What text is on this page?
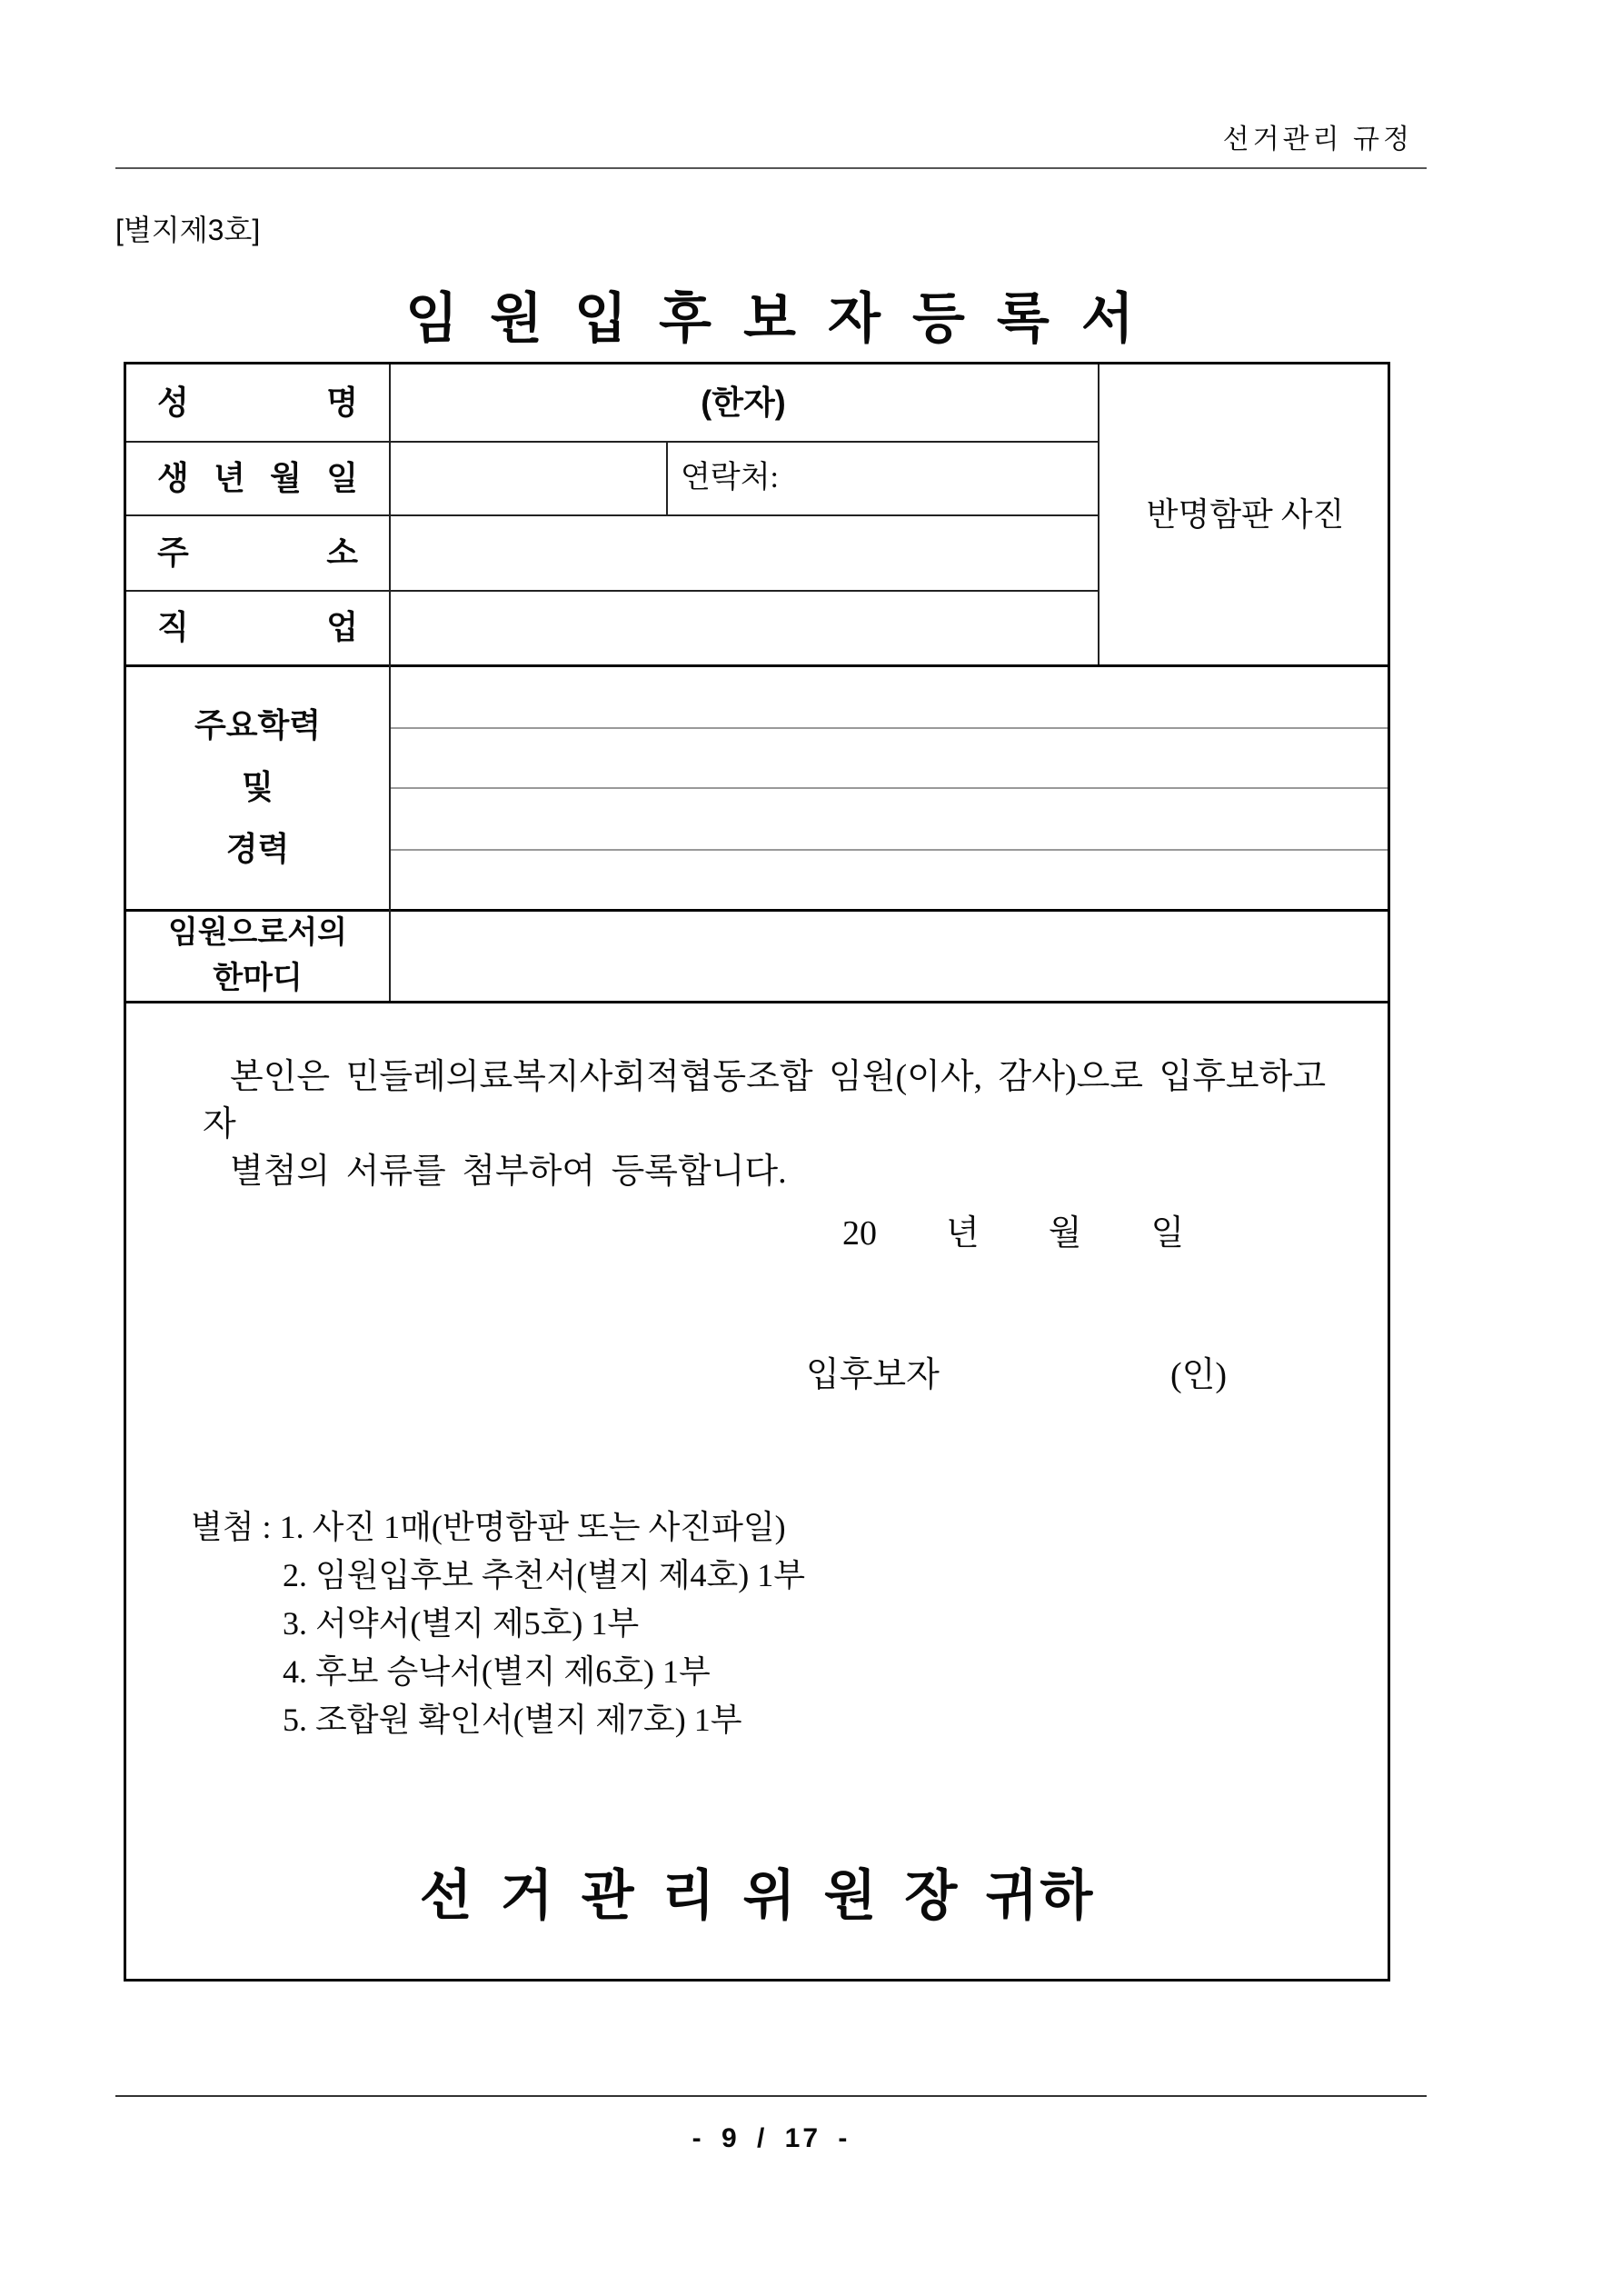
선거관리 규정
[별지제3호]
임 원 입 후 보 자 등 록 서
성 명	(한자)
반명함판 사진
생 년 월 일	연락처:
주 소
직 업
주요학력
및
경력
임원으로서의
한마디
본인은 민들레의료복지사회적협동조합 임원(이사, 감사)으로 입후보하고자
별첨의 서류를 첨부하여 등록합니다.
20 년 월 일
입후보자	(인)
별첨 : 1. 사진 1매(반명함판 또는 사진파일)
2. 임원입후보 추천서(별지 제4호) 1부
3. 서약서(별지 제5호) 1부
4. 후보 승낙서(별지 제6호) 1부
5. 조합원 확인서(별지 제7호) 1부
선 거 관 리 위 원 장 귀하
- 9 / 17 -
